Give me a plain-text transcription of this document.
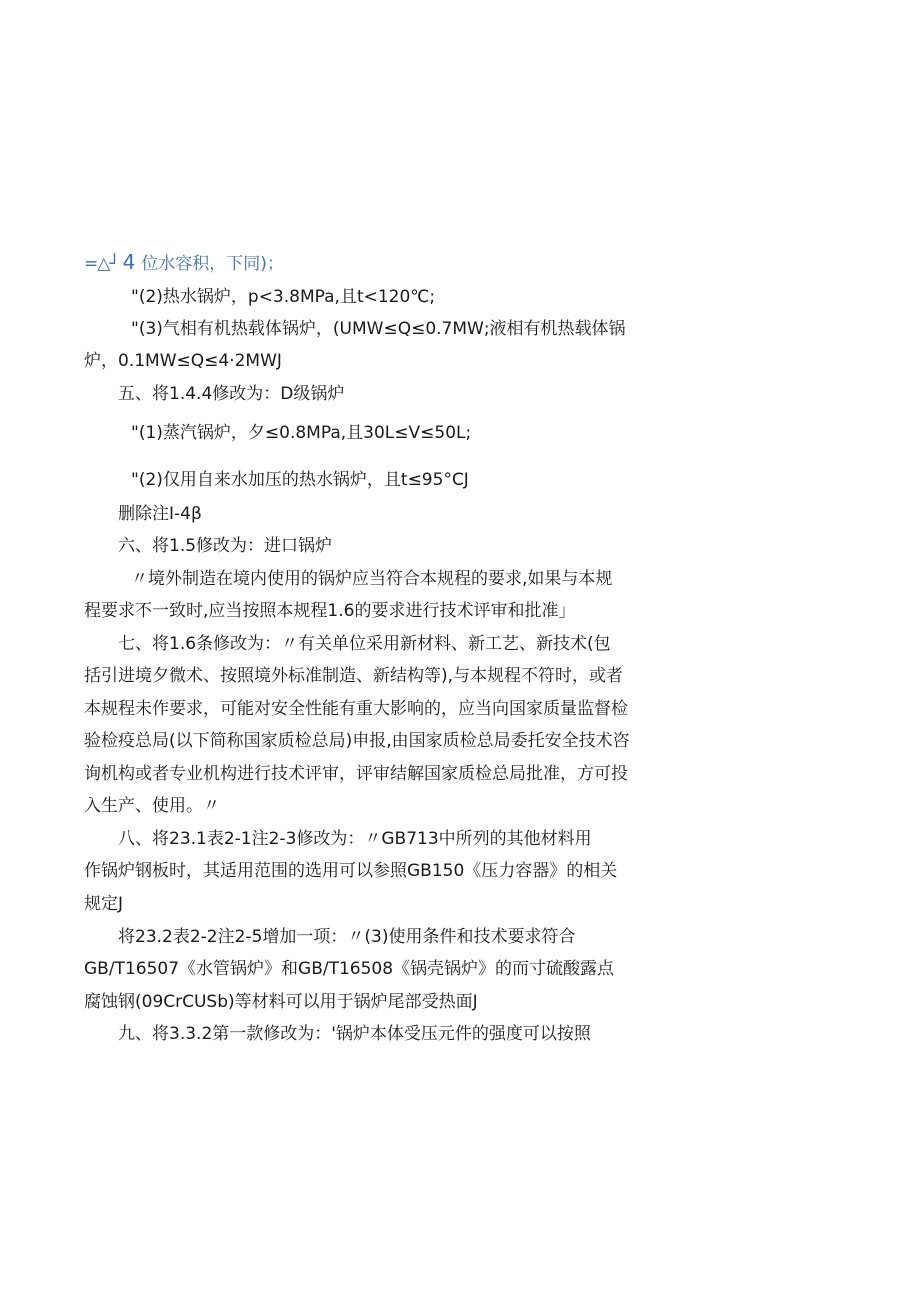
=△┘ 4 位水容积，下同)；
"(2)热水锅炉，p<3.8MPa,且t<120℃;
"(3)气相有机热载体锅炉，(UMW≤Q≤0.7MW;液相有机热载体锅
炉，0.1MW≤Q≤4·2MWJ
五、将1.4.4修改为：D级锅炉
"(1)蒸汽锅炉，夕≤0.8MPa,且30L≤V≤50L;
"(2)仅用自来水加压的热水锅炉，且t≤95°CJ
删除注I-4β
六、将1.5修改为：进口锅炉
〃境外制造在境内使用的锅炉应当符合本规程的要求,如果与本规
程要求不一致时,应当按照本规程1.6的要求进行技术评审和批准」
七、将1.6条修改为：〃有关单位采用新材料、新工艺、新技术(包
括引进境夕微术、按照境外标准制造、新结构等),与本规程不符时，或者
本规程未作要求，可能对安全性能有重大影响的，应当向国家质量监督检
验检疫总局(以下简称国家质检总局)申报,由国家质检总局委托安全技术咨
询机构或者专业机构进行技术评审，评审结解国家质检总局批准，方可投
入生产、使用。〃
八、将23.1表2-1注2-3修改为：〃GB713中所列的其他材料用
作锅炉钢板时，其适用范围的选用可以参照GB150《压力容器》的相关
规定J
将23.2表2-2注2-5增加一项：〃(3)使用条件和技术要求符合
GB/T16507《水管锅炉》和GB/T16508《锅壳锅炉》的而寸硫酸露点
腐蚀钢(09CrCUSb)等材料可以用于锅炉尾部受热面J
九、将3.3.2第一款修改为：'锅炉本体受压元件的强度可以按照
